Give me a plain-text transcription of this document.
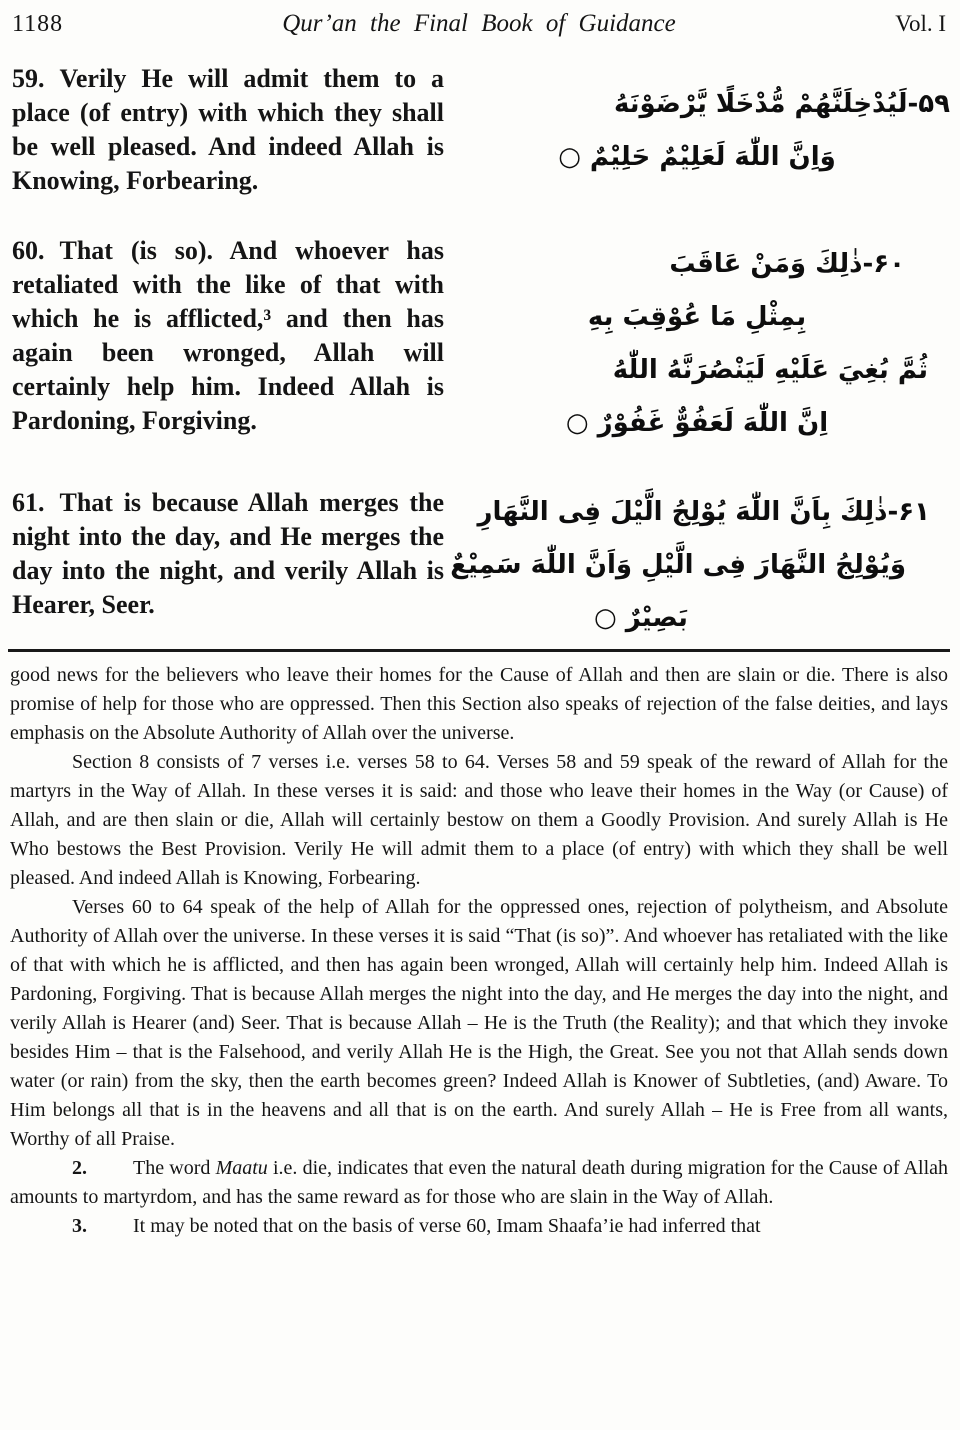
1188	Qur’an the Final Book of Guidance	Vol. I

59. Verily He will admit them to a place (of entry) with which they shall be well pleased. And indeed Allah is Knowing, Forbearing.

۵۹-لَيُدْخِلَنَّهُمْ مُّدْخَلًا يَّرْضَوْنَهُ
وَاِنَّ اللّٰهَ لَعَلِيْمٌ حَلِيْمٌ ○

60. That (is so). And whoever has retaliated with the like of that with which he is afflicted,³ and then has again been wronged, Allah will certainly help him. Indeed Allah is Pardoning, Forgiving.

۶۰-ذٰلِكَ وَمَنْ عَاقَبَ
بِمِثْلِ مَا عُوْقِبَ بِهِ
ثُمَّ بُغِيَ عَلَيْهِ لَيَنْصُرَنَّهُ اللّٰهُ
اِنَّ اللّٰهَ لَعَفُوٌّ غَفُوْرٌ ○

61. That is because Allah merges the night into the day, and He merges the day into the night, and verily Allah is Hearer, Seer.

۶۱-ذٰلِكَ بِاَنَّ اللّٰهَ يُوْلِجُ الَّيْلَ فِى النَّهَارِ
وَيُوْلِجُ النَّهَارَ فِى الَّيْلِ وَاَنَّ اللّٰهَ سَمِيْعٌ
بَصِيْرٌ ○

good news for the believers who leave their homes for the Cause of Allah and then are slain or die. There is also promise of help for those who are oppressed. Then this Section also speaks of rejection of the false deities, and lays emphasis on the Absolute Authority of Allah over the universe.

Section 8 consists of 7 verses i.e. verses 58 to 64. Verses 58 and 59 speak of the reward of Allah for the martyrs in the Way of Allah. In these verses it is said: and those who leave their homes in the Way (or Cause) of Allah, and are then slain or die, Allah will certainly bestow on them a Goodly Provision. And surely Allah is He Who bestows the Best Provision. Verily He will admit them to a place (of entry) with which they shall be well pleased. And indeed Allah is Knowing, Forbearing.

Verses 60 to 64 speak of the help of Allah for the oppressed ones, rejection of polytheism, and Absolute Authority of Allah over the universe. In these verses it is said “That (is so)”. And whoever has retaliated with the like of that with which he is afflicted, and then has again been wronged, Allah will certainly help him. Indeed Allah is Pardoning, Forgiving. That is because Allah merges the night into the day, and He merges the day into the night, and verily Allah is Hearer (and) Seer. That is because Allah – He is the Truth (the Reality); and that which they invoke besides Him – that is the Falsehood, and verily Allah He is the High, the Great. See you not that Allah sends down water (or rain) from the sky, then the earth becomes green? Indeed Allah is Knower of Subtleties, (and) Aware. To Him belongs all that is in the heavens and all that is on the earth. And surely Allah – He is Free from all wants, Worthy of all Praise.

2. The word Maatu i.e. die, indicates that even the natural death during migration for the Cause of Allah amounts to martyrdom, and has the same reward as for those who are slain in the Way of Allah.

3. It may be noted that on the basis of verse 60, Imam Shaafa’ie had inferred that
